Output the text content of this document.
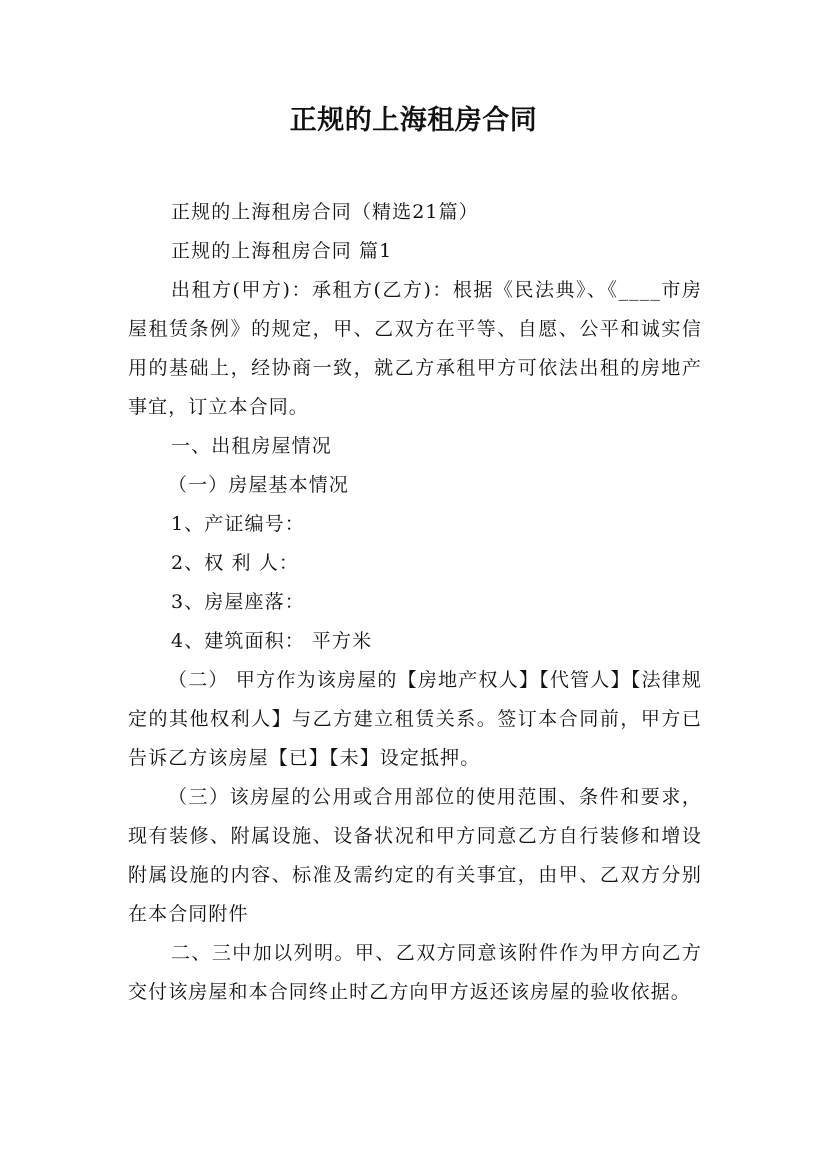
正规的上海租房合同

正规的上海租房合同（精选21篇）

正规的上海租房合同 篇1

出租方(甲方)：承租方(乙方)：根据《民法典》、《____市房屋租赁条例》的规定，甲、乙双方在平等、自愿、公平和诚实信用的基础上，经协商一致，就乙方承租甲方可依法出租的房地产事宜，订立本合同。

一、出租房屋情况

（一）房屋基本情况

1、产证编号：

2、权 利 人：

3、房屋座落：

4、建筑面积： 平方米

（二） 甲方作为该房屋的【房地产权人】【代管人】【法律规定的其他权利人】与乙方建立租赁关系。签订本合同前，甲方已告诉乙方该房屋【已】【未】设定抵押。

（三）该房屋的公用或合用部位的使用范围、条件和要求，现有装修、附属设施、设备状况和甲方同意乙方自行装修和增设附属设施的内容、标准及需约定的有关事宜，由甲、乙双方分别在本合同附件

二、三中加以列明。甲、乙双方同意该附件作为甲方向乙方交付该房屋和本合同终止时乙方向甲方返还该房屋的验收依据。
